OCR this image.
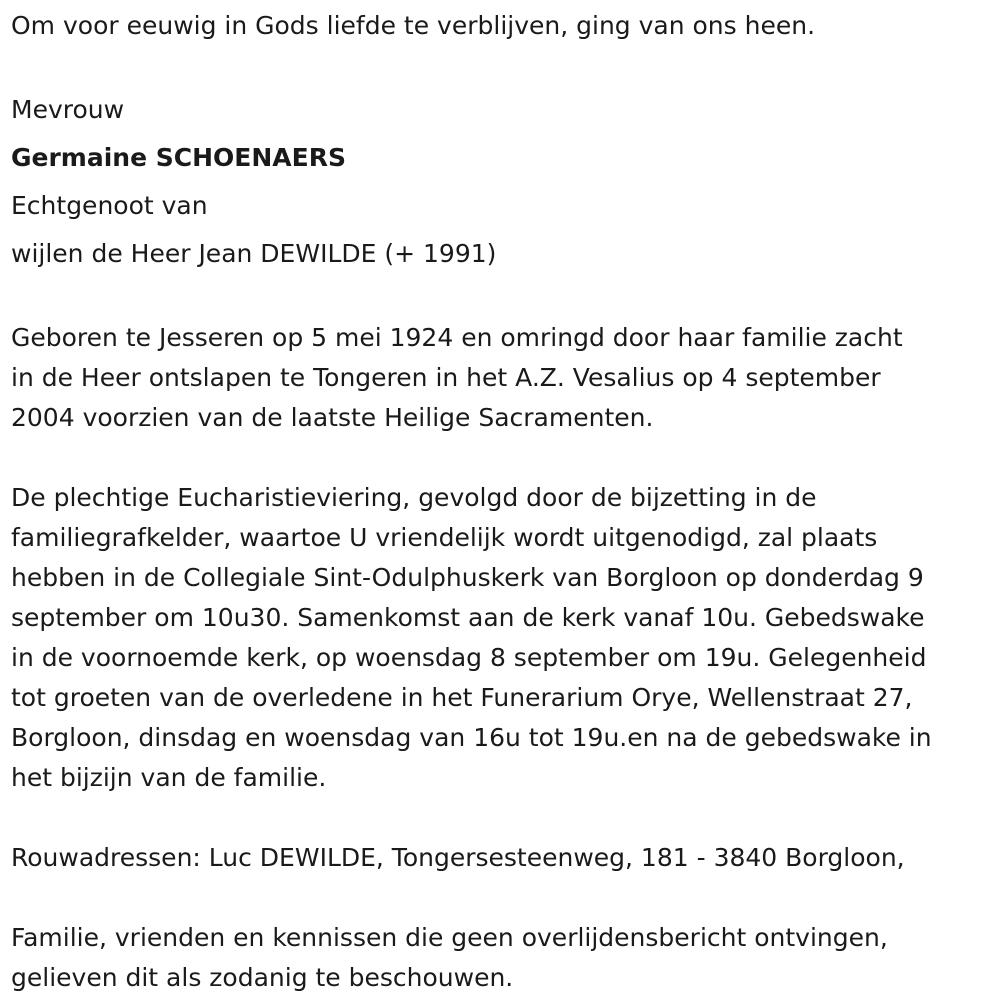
Om voor eeuwig in Gods liefde te verblijven, ging van ons heen.
Mevrouw
Germaine SCHOENAERS
Echtgenoot van
wijlen de Heer Jean DEWILDE (+ 1991)
Geboren te Jesseren op 5 mei 1924 en omringd door haar familie zacht
in de Heer ontslapen te Tongeren in het A.Z. Vesalius op 4 september
2004 voorzien van de laatste Heilige Sacramenten.
De plechtige Eucharistieviering, gevolgd door de bijzetting in de
familiegrafkelder, waartoe U vriendelijk wordt uitgenodigd, zal plaats
hebben in de Collegiale Sint-Odulphuskerk van Borgloon op donderdag 9
september om 10u30. Samenkomst aan de kerk vanaf 10u. Gebedswake
in de voornoemde kerk, op woensdag 8 september om 19u. Gelegenheid
tot groeten van de overledene in het Funerarium Orye, Wellenstraat 27,
Borgloon, dinsdag en woensdag van 16u tot 19u.en na de gebedswake in
het bijzijn van de familie.
Rouwadressen: Luc DEWILDE, Tongersesteenweg, 181 - 3840 Borgloon,
Familie, vrienden en kennissen die geen overlijdensbericht ontvingen,
gelieven dit als zodanig te beschouwen.
